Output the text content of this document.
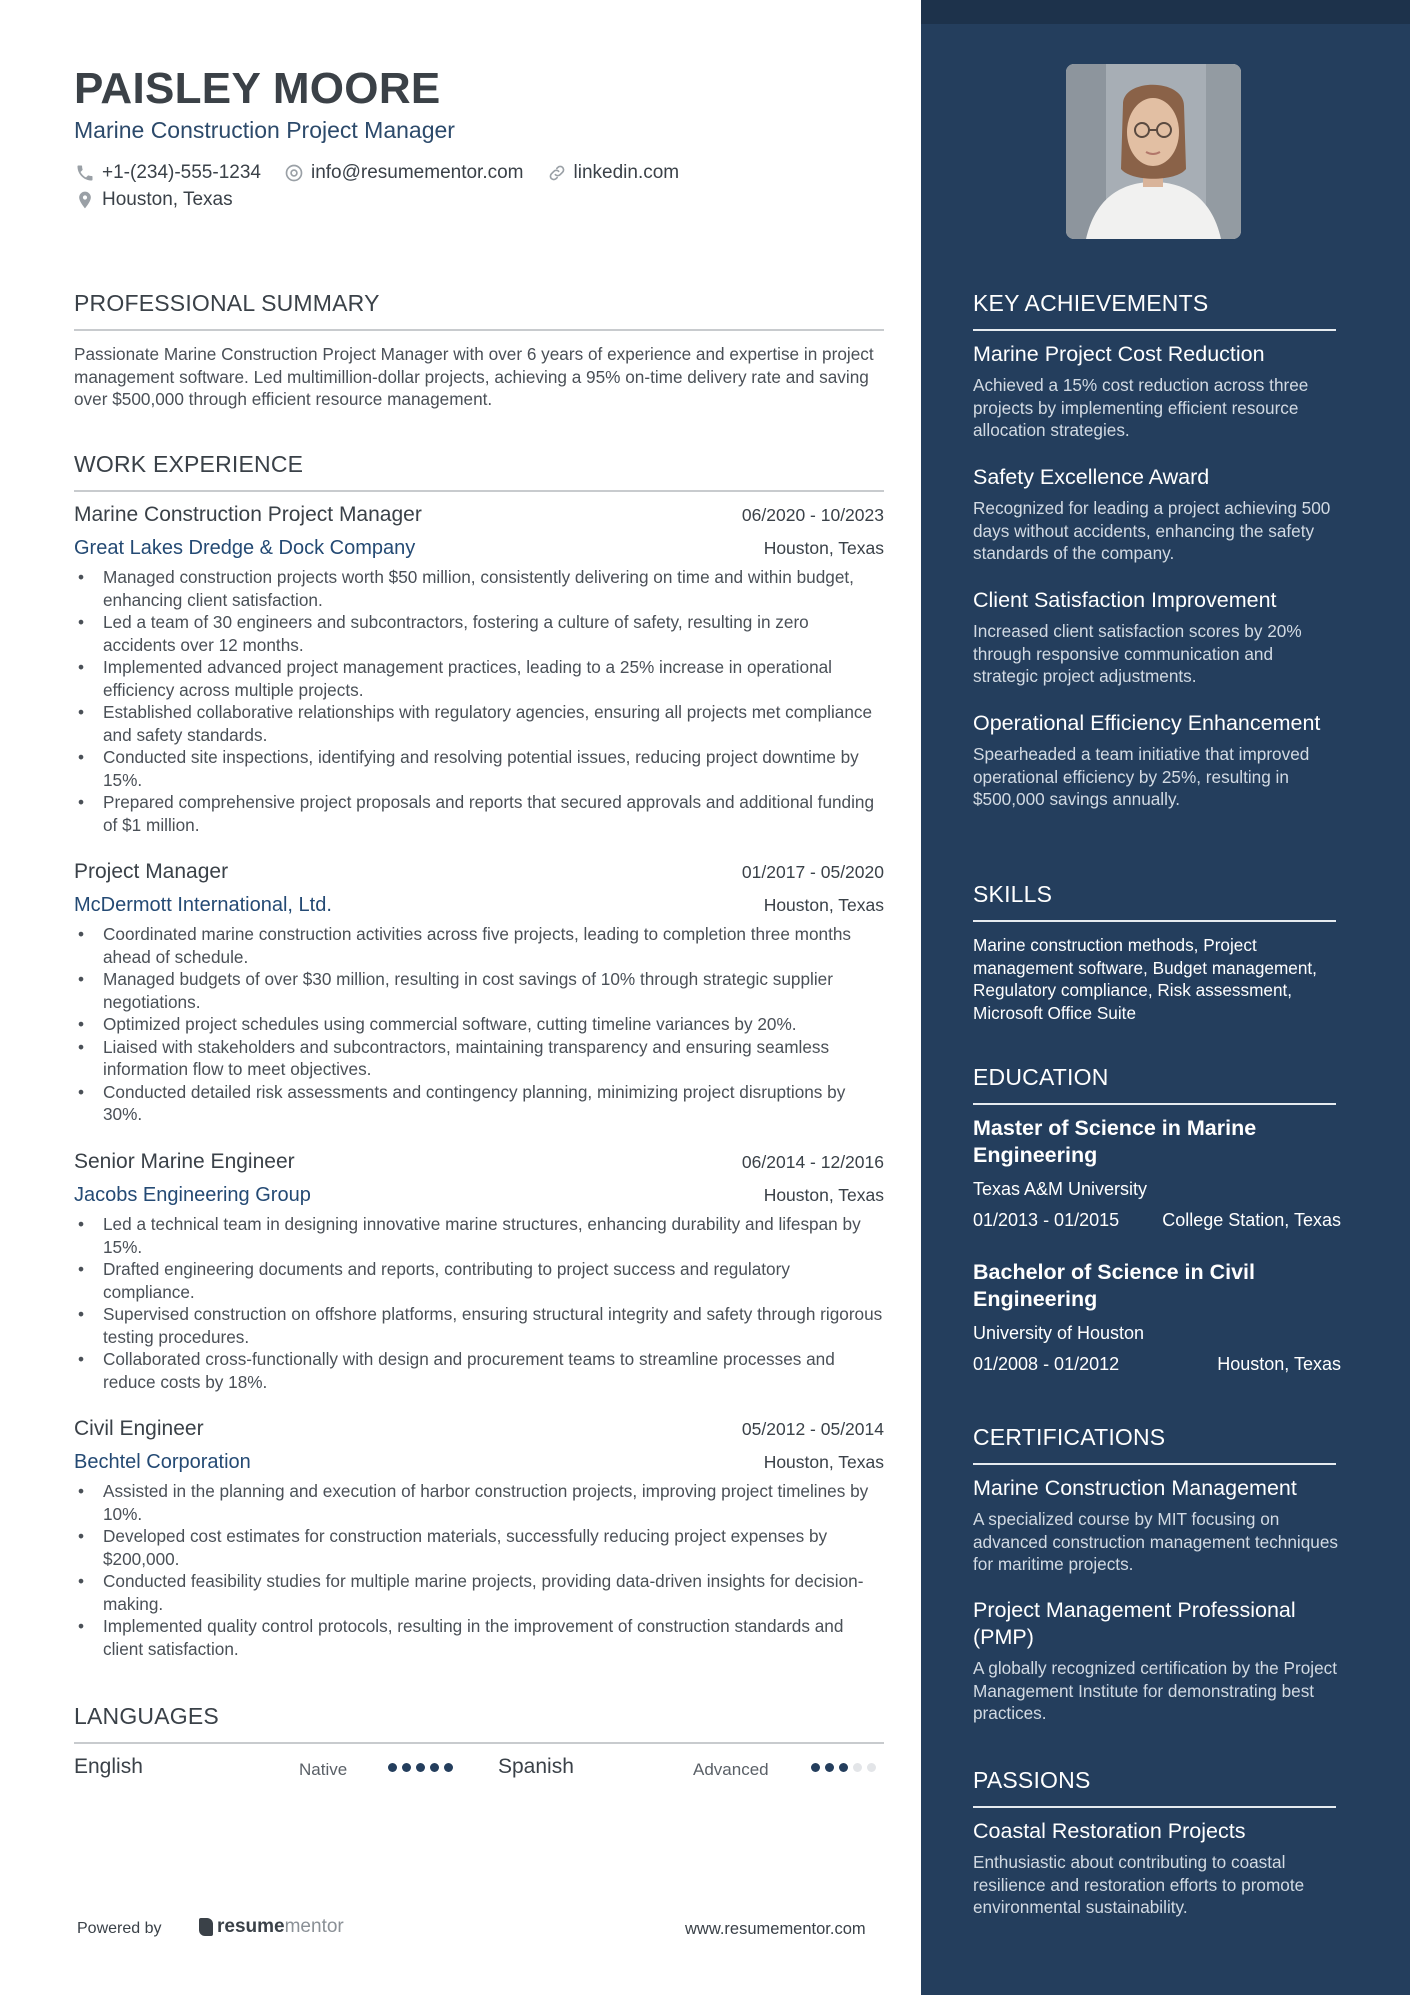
PAISLEY MOORE
Marine Construction Project Manager
+1-(234)-555-1234	info@resumementor.com	linkedin.com
Houston, Texas
PROFESSIONAL SUMMARY
Passionate Marine Construction Project Manager with over 6 years of experience and expertise in project management software. Led multimillion-dollar projects, achieving a 95% on-time delivery rate and saving over $500,000 through efficient resource management.
WORK EXPERIENCE
Marine Construction Project Manager	06/2020 - 10/2023
Great Lakes Dredge & Dock Company	Houston, Texas
• Managed construction projects worth $50 million, consistently delivering on time and within budget, enhancing client satisfaction.
• Led a team of 30 engineers and subcontractors, fostering a culture of safety, resulting in zero accidents over 12 months.
• Implemented advanced project management practices, leading to a 25% increase in operational efficiency across multiple projects.
• Established collaborative relationships with regulatory agencies, ensuring all projects met compliance and safety standards.
• Conducted site inspections, identifying and resolving potential issues, reducing project downtime by 15%.
• Prepared comprehensive project proposals and reports that secured approvals and additional funding of $1 million.
Project Manager	01/2017 - 05/2020
McDermott International, Ltd.	Houston, Texas
• Coordinated marine construction activities across five projects, leading to completion three months ahead of schedule.
• Managed budgets of over $30 million, resulting in cost savings of 10% through strategic supplier negotiations.
• Optimized project schedules using commercial software, cutting timeline variances by 20%.
• Liaised with stakeholders and subcontractors, maintaining transparency and ensuring seamless information flow to meet objectives.
• Conducted detailed risk assessments and contingency planning, minimizing project disruptions by 30%.
Senior Marine Engineer	06/2014 - 12/2016
Jacobs Engineering Group	Houston, Texas
• Led a technical team in designing innovative marine structures, enhancing durability and lifespan by 15%.
• Drafted engineering documents and reports, contributing to project success and regulatory compliance.
• Supervised construction on offshore platforms, ensuring structural integrity and safety through rigorous testing procedures.
• Collaborated cross-functionally with design and procurement teams to streamline processes and reduce costs by 18%.
Civil Engineer	05/2012 - 05/2014
Bechtel Corporation	Houston, Texas
• Assisted in the planning and execution of harbor construction projects, improving project timelines by 10%.
• Developed cost estimates for construction materials, successfully reducing project expenses by $200,000.
• Conducted feasibility studies for multiple marine projects, providing data-driven insights for decision-making.
• Implemented quality control protocols, resulting in the improvement of construction standards and client satisfaction.
LANGUAGES
English	Native	Spanish	Advanced
Powered by	resume mentor	www.resumementor.com
KEY ACHIEVEMENTS
Marine Project Cost Reduction
Achieved a 15% cost reduction across three projects by implementing efficient resource allocation strategies.
Safety Excellence Award
Recognized for leading a project achieving 500 days without accidents, enhancing the safety standards of the company.
Client Satisfaction Improvement
Increased client satisfaction scores by 20% through responsive communication and strategic project adjustments.
Operational Efficiency Enhancement
Spearheaded a team initiative that improved operational efficiency by 25%, resulting in $500,000 savings annually.
SKILLS
Marine construction methods, Project management software, Budget management, Regulatory compliance, Risk assessment, Microsoft Office Suite
EDUCATION
Master of Science in Marine Engineering
Texas A&M University
01/2013 - 01/2015 College Station, Texas
Bachelor of Science in Civil Engineering
University of Houston
01/2008 - 01/2012	Houston, Texas
CERTIFICATIONS
Marine Construction Management
A specialized course by MIT focusing on advanced construction management techniques for maritime projects.
Project Management Professional (PMP)
A globally recognized certification by the Project Management Institute for demonstrating best practices.
PASSIONS
Coastal Restoration Projects
Enthusiastic about contributing to coastal resilience and restoration efforts to promote environmental sustainability.
